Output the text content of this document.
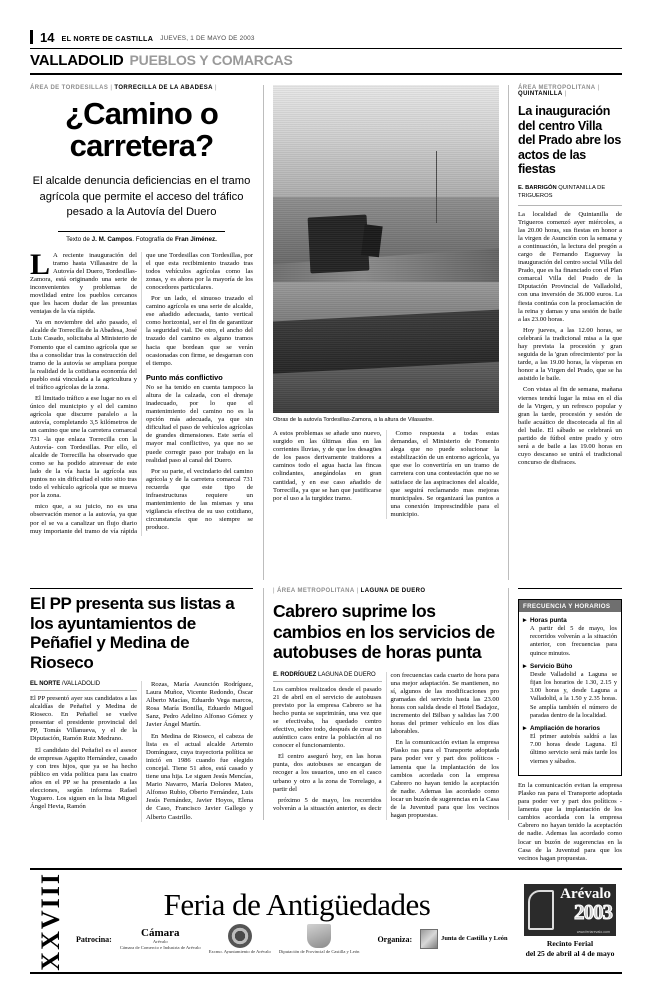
14 EL NORTE DE CASTILLA JUEVES, 1 DE MAYO DE 2003
VALLADOLID PUEBLOS Y COMARCAS
ÁREA DE TORDESILLAS | TORRECILLA DE LA ABADESA |
¿Camino o carretera?
El alcalde denuncia deficiencias en el tramo agrícola que permite el acceso del tráfico pesado a la Autovía del Duero
Texto de J. M. Campos. Fotografía de Fran Jiménez.

LA reciente inauguración del tramo hasta Villasastre de la Autovía del Duero, Tordesillas-Zamora, está originando una serie de inconvenientes y problemas de movilidad entre los pueblos cercanos que les hacen dudar de las presuntas ventajas de la vía rápida.

Ya en noviembre del año pasado, el alcalde de Torrecilla de la Abadesa, José Luis Casado, solicitaba al Ministerio de Fomento que el camino agrícola que se iba a consolidar tras la construcción del tramo de la autovía se ampliara porque la realidad de la cotidiana economía del pueblo está vinculada a la agricultura y el tráfico agrícolas de la zona.

El limitado tráfico a ese lugar no es el único del municipio y el del camino agrícola que discurre paralelo a la autovía, completando 3,5 kilómetros de un camino que une la carretera comarcal 731 -la que enlaza Torrecilla con la Autovía- con Tordesillas. Por ello, el alcalde de Torrecilla ha observado que como se ha podido atravesar de este lado de la vía hacia la agrícola sus puntos no sin dificultad el sitio sitio tras todo el vehículo agrícola que se mueva por la zona.

mico que, a su juicio, no es una observación menor a la autovía, ya que por el se va a canalizar un flujo diario muy importante del tramo de vía rápida que une Tordesillas con Tordesillas, por el que esta recibimiento trazado tras todos vehículos agrícolas como las zonas, y es ahora por la mayoría de los conocedores particulares.

Por un lado, el sinuoso trazado el camino agrícola es una serie de alcalde, ese añadido adecuada, tanto vertical como horizontal, ser el fin de garantizar la seguridad vial. De otro, el ancho del trazado del camino es alguno tramos hacia que bordean que se verán ocasionadas con firme, se desgarran con el tiempo.

Punto más conflictivo

No se ha tenido en cuenta tampoco la altura de la calzada, con el drenaje inadecuado, por lo que el mantenimiento del camino no es la opción más adecuada, ya que sin dificultad el paso de vehículos agrícolas de grandes dimensiones. Este sería el mayor mal conflictivo, ya que no se puede corregir paso por trabajo en la realidad paso al canal del Duero.

Por su parte, el vecindario del camino agrícola y de la carretera comarcal 731 recuerda que este tipo de infraestructuras requiere un mantenimiento de las mismas y una vigilancia efectiva de su uso cotidiano, circunstancia que no siempre se produce.

Obras de la autovía Tordesillas-Zamora, a la altura de Vilasastre.

A estos problemas se añade uno nuevo, surgido en las últimas días en las corrientes lluvias, y de que los desagües de los pasos derivamente traidores a caminos todo el agua hacia las fincas colindantes, anegándolas en gran cantidad, y en ese caso añadido de Torrecilla, ya que se han que justificarse por el uso a la turgidez tramo.

Como respuesta a todas estas demandas, el Ministerio de Fomento alega que no puede solucionar la estabilización de un entorno agrícola, ya que ese lo convertiría en un tramo de carretera con una contestación que no se satisface de las aspiraciones del alcalde, que seguirá reclamando mas mejoras municipales. Se organizará las puntos a una conexión imprescindible para el municipio.

ÁREA METROPOLITANA |
QUINTANILLA |
La inauguración del centro Villa del Prado abre los actos de las fiestas
E. BARRIGÓN QUINTANILLA DE TRIGUEROS

La localidad de Quintanilla de Trigueros comenzó ayer miércoles, a las 20.00 horas, sus fiestas en honor a la virgen de Asunción con la semana y a continuación, la lectura del pregón a cargo de Fernando Esguevay la inauguración del centro social Villa del Prado, que es ha financiado con el Plan comarcal Villa del Prado de la Diputación Provincial de Valladolid, con una inversión de 36.000 euros. La fiesta continúa con la proclamación de la reina y damas y una sesión de baile a las 23.00 horas.

Hoy jueves, a las 12.00 horas, se celebrará la tradicional misa a la que hay prevista la procesión y gran seguida de la 'gran ofrecimiento' por la tarde, a las 19.00 horas, la vísperas en honor a la Virgen del Prado, que se ha asistido le baile.

Con vistas al fin de semana, mañana viernes tendrá lugar la misa en el día de la Virgen, y un refresco popular y gran la tarde, procesión y sesión de baile acuático de discotecada al fin al del baile. El sábado se celebrará un partido de fútbol entre prado y otro será a de baile a las 19.00 horas en cuyo descanso se unirá el tradicional concurso de disfraces.

El PP presenta sus listas a los ayuntamientos de Peñafiel y Medina de Rioseco
EL NORTE /VALLADOLID

El PP presentó ayer sus candidatos a las alcaldías de Peñafiel y Medina de Rioseco. En Peñafiel se vuelve presentar el presidente provincial del PP, Tomás Villanueva, y el de la Diputación, Ramón Ruiz Medrano.

El candidato del Peñafiel es el asesor de empresas Agapito Hernández, casado y con tres hijos, que ya se ha hecho público en vida política para las cuatro años en el PP se ha presentado a las elecciones, según informa Rafael Yuguero. Los siguen en la lista Miguel Ángel Hevia, Ramón

Rozas, María Asunción Rodríguez, Laura Muñoz, Vicente Redondo, Óscar Alberto Macías, Eduardo Vega marcos, Rosa María Bonilla, Eduardo Miguel Sanz, Pedro Adelino Alfonso Gómez y Javier Ángel Martín.

En Medina de Rioseco, el cabeza de lista es el actual alcalde Artemio Domínguez, cuya trayectoria política se inició en 1986 cuando fue elegido concejal. Tiene 51 años, está casado y tiene una hija. Le siguen Jesús Mencías, Mario Navarro, María Dolores Mateo, Alfonso Rubio, Oberto Fernández, Luis Jesús Fernández, Javier Hoyos, Elena de Caso, Francisco Javier Gallego y Alberto Castrillo.

| ÁREA METROPOLITANA | LAGUNA DE DUERO
Cabrero suprime los cambios en los servicios de autobuses de horas punta
E. RODRÍGUEZ LAGUNA DE DUERO

Los cambios realizados desde el pasado 21 de abril en el servicio de autobuses previsto por la empresa Cabrero se ha hecho punta se suprimirán, una vez que se efectivaba, ha quedado centro efectivo, sobre todo, después de crear un auténtico caos entre la población al no conocer el funcionamiento.

El centro aseguró hoy, en las horas punta, dos autobuses se encargan de recoger a los usuarios, uno en el casco urbano y otro a la zona de Torrelago, a partir del

próximo 5 de mayo, los recorridos volverán a la situación anterior, es decir con frecuencias cada cuarto de hora para una mejor adaptación. Se mantienen, no sí, algunos de las modificaciones pro gramadas del servicio hasta las 23.00 horas con salida desde el Hotel Badajoz, incremento del Bilbao y salidas las 7.00 horas del primer vehículo en los días laborables.

En la comunicación evitan la empresa Plasko ras para el Transporte adoptada para poder ver y part dos políticos -lamenta que la implantación de los cambios acordada con la empresa Cabrero no hayan tenido la aceptación de nadie. Ademas las acordado como locar un buzón de sugerencias en la Casa de la Juventud para que los vecinos hagan propuestas.

FRECUENCIA Y HORARIOS
▸ Horas punta
A partir del 5 de mayo, los recorridos volverán a la situación anterior, con frecuencias para quince minutos.
▸ Servicio Búho
Desde Valladolid a Laguna se fijan los horarios de 1.30, 2.15 y 3.00 horas y, desde Laguna a Valladolid, a la 1.50 y 2.35 horas. Se amplía también el número de paradas dentro de la localidad.
▸ Ampliación de horarios
El primer autobús saldrá a las 7.00 horas desde Laguna. El último servicio será más tarde los viernes y sábados.

En la comunicación evitan la empresa Plasko ras para el Transporte adoptada para poder ver y part dos políticos -lamenta que la implantación de los cambios acordada con la empresa Cabrero no hayan tenido la aceptación de nadie. Ademas las acordado como locar un buzón de sugerencias en la Casa de la Juventud para que los vecinos hagan propuestas.

XXVIII	Feria de Antigüedades
Patrocina:	Cámara
Arévalo
Cámara de Comercio e Industria de Arévalo
Excmo. Ayuntamiento de Arévalo Diputación de Provincial de Castilla y León
Organiza:	Junta de Castilla y León
Arévalo
2003
www.feriarevalo.com
Recinto Ferial
del 25 de abril al 4 de mayo
